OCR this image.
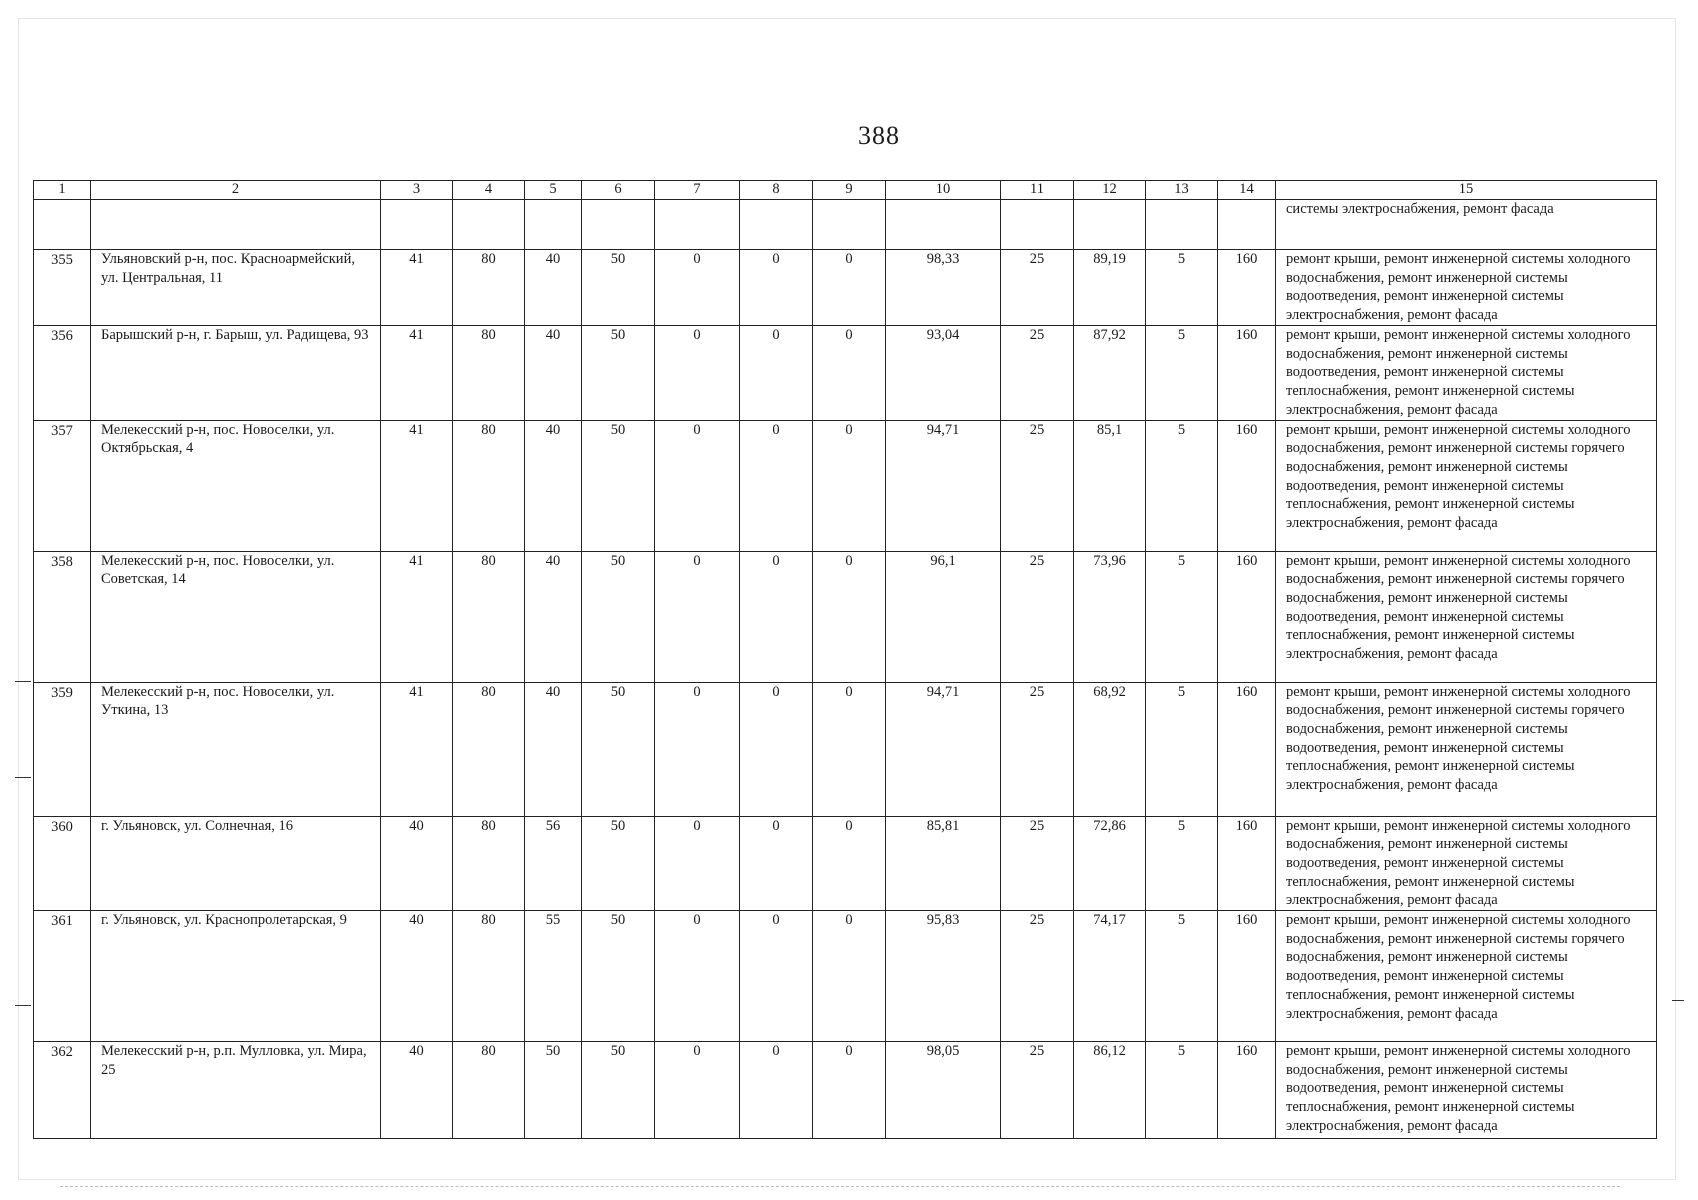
388
1	2	3	4	5	6	7	8	9	10	11	12	13	14	15
														системы электроснабжения, ремонт фасада
355	Ульяновский р-н, пос. Красноармейский, ул. Центральная, 11	41	80	40	50	0	0	0	98,33	25	89,19	5	160	ремонт крыши, ремонт инженерной системы холодного водоснабжения, ремонт инженерной системы водоотведения, ремонт инженерной системы электроснабжения, ремонт фасада
356	Барышский р-н, г. Барыш, ул. Радищева, 93	41	80	40	50	0	0	0	93,04	25	87,92	5	160	ремонт крыши, ремонт инженерной системы холодного водоснабжения, ремонт инженерной системы водоотведения, ремонт инженерной системы теплоснабжения, ремонт инженерной системы электроснабжения, ремонт фасада
357	Мелекесский р-н, пос. Новоселки, ул. Октябрьская, 4	41	80	40	50	0	0	0	94,71	25	85,1	5	160	ремонт крыши, ремонт инженерной системы холодного водоснабжения, ремонт инженерной системы горячего водоснабжения, ремонт инженерной системы водоотведения, ремонт инженерной системы теплоснабжения, ремонт инженерной системы электроснабжения, ремонт фасада
358	Мелекесский р-н, пос. Новоселки, ул. Советская, 14	41	80	40	50	0	0	0	96,1	25	73,96	5	160	ремонт крыши, ремонт инженерной системы холодного водоснабжения, ремонт инженерной системы горячего водоснабжения, ремонт инженерной системы водоотведения, ремонт инженерной системы теплоснабжения, ремонт инженерной системы электроснабжения, ремонт фасада
359	Мелекесский р-н, пос. Новоселки, ул. Уткина, 13	41	80	40	50	0	0	0	94,71	25	68,92	5	160	ремонт крыши, ремонт инженерной системы холодного водоснабжения, ремонт инженерной системы горячего водоснабжения, ремонт инженерной системы водоотведения, ремонт инженерной системы теплоснабжения, ремонт инженерной системы электроснабжения, ремонт фасада
360	г. Ульяновск, ул. Солнечная, 16	40	80	56	50	0	0	0	85,81	25	72,86	5	160	ремонт крыши, ремонт инженерной системы холодного водоснабжения, ремонт инженерной системы водоотведения, ремонт инженерной системы теплоснабжения, ремонт инженерной системы электроснабжения, ремонт фасада
361	г. Ульяновск, ул. Краснопролетарская, 9	40	80	55	50	0	0	0	95,83	25	74,17	5	160	ремонт крыши, ремонт инженерной системы холодного водоснабжения, ремонт инженерной системы горячего водоснабжения, ремонт инженерной системы водоотведения, ремонт инженерной системы теплоснабжения, ремонт инженерной системы электроснабжения, ремонт фасада
362	Мелекесский р-н, р.п. Мулловка, ул. Мира, 25	40	80	50	50	0	0	0	98,05	25	86,12	5	160	ремонт крыши, ремонт инженерной системы холодного водоснабжения, ремонт инженерной системы водоотведения, ремонт инженерной системы теплоснабжения, ремонт инженерной системы электроснабжения, ремонт фасада
